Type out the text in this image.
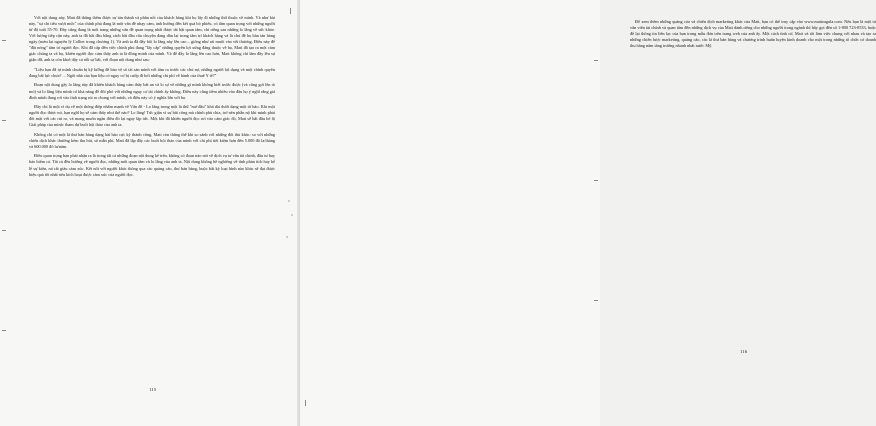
Với nội dung này, Matt đã thắng thêm được sự tán thành và phần nổi của khách hàng khi họ lấy đi những thứ thuộc về mình. Và như bài này, "sự chi tiêu vượt mức" của chính phủ đang là một vấn đề nhạy cảm, ảnh hưởng đến kết quả bỏ phiếu, có tầm quan trọng với những người từ độ tuổi 55-70. Đây cũng đang là mối trang những vấn đề quan trọng nhất được tất bật quan tâm, chỉ riêng sau những lo lắng về sức khỏe. Với lượng tiếp cận này, anh ta đã bắt đầu bằng cách bắt đầu câu chuyện đang dần lại trong tâm trí khách hàng và là chủ đề họ bàn tán hàng ngày (nơm lại nguyên lý Collier trong chương 1). Và anh ta đã đẩy bối lo lắng này lên cao – giống như rải muối vào vết thương. Điều này để "đặt nóng" tâm trí người đọc. Khi đã cấp đến việc chính phủ đang "lấy cắp" những quyền lợi xứng đáng thuộc về họ, Matt đã tạo ra một cảm giác chúng ta và họ, khiến người đọc cảm thấy anh ta là đồng minh của mình. Và để đẩy lo lắng lên cao hơn, Matt không chỉ làm đầy lên sự giận dữ, anh ta còn khơi dậy cả nỗi sợ hãi, với đoạn nội dung như sau:

"Liệu bạn đã tự mình chuẩn bị kỹ lưỡng để bảo vệ số tài sản mình với tâm ra trước các chủ nợ, những người lợi dụng và một chính quyền đang bất lực chưa? ... Ngôi nhà của bạn liệu có nguy cơ bị cướp đi bởi những chi phí về hành của thuế Y tế?"

Đoạn nội dung gây lo lắng này đã khiến khách hàng cảm thấy bất an và lo sợ về những gì mình không biết trước được (và cũng gợi lên tò mò) và lo lắng liệu mình có khả năng để đối phó với những nguy cơ tài chính ấy không. Điều này cũng tiềm nhiều vào đầu họ ý nghĩ rằng giá đình mình đang rơi vào tình trạng rủi ro chung với mình, và điều này có ý nghĩa lớn với họ.

Đây chỉ là một ví dụ về một thông điệp nhắm mạnh về Vấn đề - Lo lắng trong một là thứ "mở đầu" khá dài dưới dạng một tờ báo. Khi một người đọc được nó, bạn nghĩ họ sẽ cảm thấy như thế nào? Lo lắng! Tức giận vì sự bất công mà chính phủ chia, trở nên phẫn nộ khi mình phải đối mặt với các rủi ro, và mong muốn ngăn điều đó lại ngay lập tức. Một khi đã khiến người đọc rơi vào cảm giác đó, Matt sẽ bắt đầu hé lộ Giải pháp của mình: tham dự buổi hội thảo của anh ta.

Không chỉ có một lá thư bán hàng dạng bài báo cực kỳ thành công, Matt còn thắng thế khi so sánh với những đối thủ khác: so với những chiến dịch khác thường kém thu hút, số mẫn phí, Matt đã lập đầy các buổi hội thảo của mình với chi phí tiết kiệm hơn đến 5.000 đô la/tháng và 600.000 đô la/năm.

Điều quan trọng bạn phải nhận ra là trong tất cả những đoạn nội dung kể trên, không có đoạn nào nói về dịch vụ tư vấn tài chính, đầu tư hay bảo hiểm cả. Tất cả đều hướng về người đọc, những mối quan tâm và lo lắng của anh ta. Nội dung không hề nghiêng về tính phản tích hay kể lể sự kiện, nó rất giàu cảm xúc. Kết nối với người khác thông qua các quảng cáo, thư bán hàng, buộc bất kỳ loại hình nào khác sẽ đạt được hiệu quả tốt nhất nếu kích hoạt được cảm xúc của người đọc.

115

Để xem thêm những quảng cáo và chiến dịch marketing khác của Matt, bạn có thể truy cập vào www.mattzagula.com. Nếu bạn là một tư vấn viên tài chính và quan tâm đến những dịch vụ của Matt dành riêng cho những người trong ngành thì hãy gọi đến số 1-800 723-0533, hoặc để lại thông tin liên lạc của bạn trong mẫu đơn trên trang web của anh ấy. Một cách tình cờ, Matt và tôi làm việc chung với nhau và tạo ra những chiến lược marketing, quảng cáo, các lá thư bán hàng và chương trình huấn luyện kinh doanh cho một trong những tổ chức có doanh thu hàng năm tăng trưởng nhanh nhất nước Mỹ.

116
